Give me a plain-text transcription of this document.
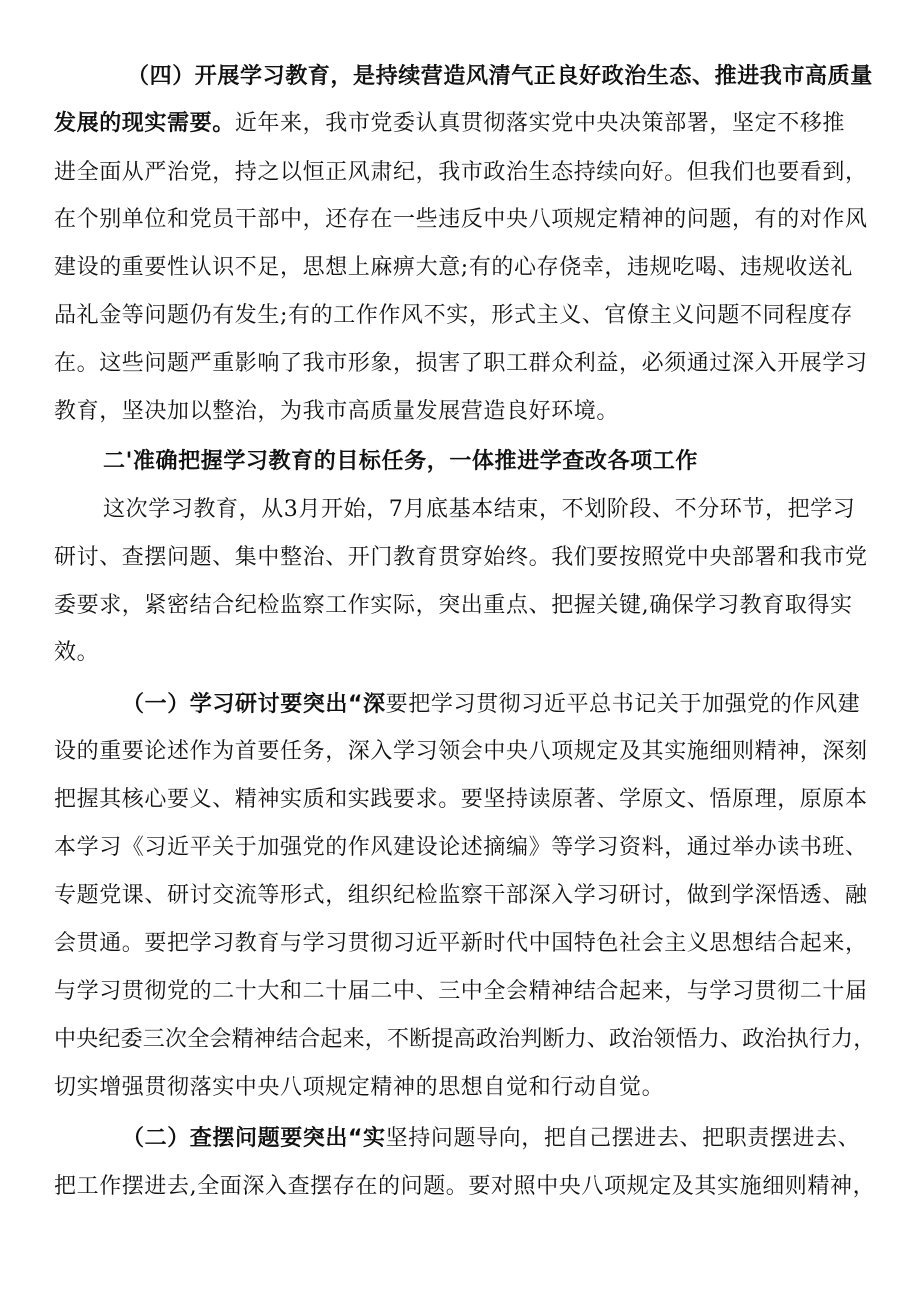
（四）开展学习教育，是持续营造风清气正良好政治生态、推进我市高质量
发展的现实需要。近年来，我市党委认真贯彻落实党中央决策部署，坚定不移推
进全面从严治党，持之以恒正风肃纪，我市政治生态持续向好。但我们也要看到，
在个别单位和党员干部中，还存在一些违反中央八项规定精神的问题，有的对作风
建设的重要性认识不足，思想上麻痹大意;有的心存侥幸，违规吃喝、违规收送礼
品礼金等问题仍有发生;有的工作作风不实，形式主义、官僚主义问题不同程度存
在。这些问题严重影响了我市形象，损害了职工群众利益，必须通过深入开展学习
教育，坚决加以整治，为我市高质量发展营造良好环境。
二'准确把握学习教育的目标任务，一体推进学查改各项工作
这次学习教育，从3月开始，7月底基本结束，不划阶段、不分环节，把学习
研讨、查摆问题、集中整治、开门教育贯穿始终。我们要按照党中央部署和我市党
委要求，紧密结合纪检监察工作实际，突出重点、把握关键,确保学习教育取得实
效。
（一）学习研讨要突出“深要把学习贯彻习近平总书记关于加强党的作风建
设的重要论述作为首要任务，深入学习领会中央八项规定及其实施细则精神，深刻
把握其核心要义、精神实质和实践要求。要坚持读原著、学原文、悟原理，原原本
本学习《习近平关于加强党的作风建设论述摘编》等学习资料，通过举办读书班、
专题党课、研讨交流等形式，组织纪检监察干部深入学习研讨，做到学深悟透、融
会贯通。要把学习教育与学习贯彻习近平新时代中国特色社会主义思想结合起来，
与学习贯彻党的二十大和二十届二中、三中全会精神结合起来，与学习贯彻二十届
中央纪委三次全会精神结合起来，不断提高政治判断力、政治领悟力、政治执行力，
切实增强贯彻落实中央八项规定精神的思想自觉和行动自觉。
（二）查摆问题要突出“实坚持问题导向，把自己摆进去、把职责摆进去、
把工作摆进去,全面深入查摆存在的问题。要对照中央八项规定及其实施细则精神，
